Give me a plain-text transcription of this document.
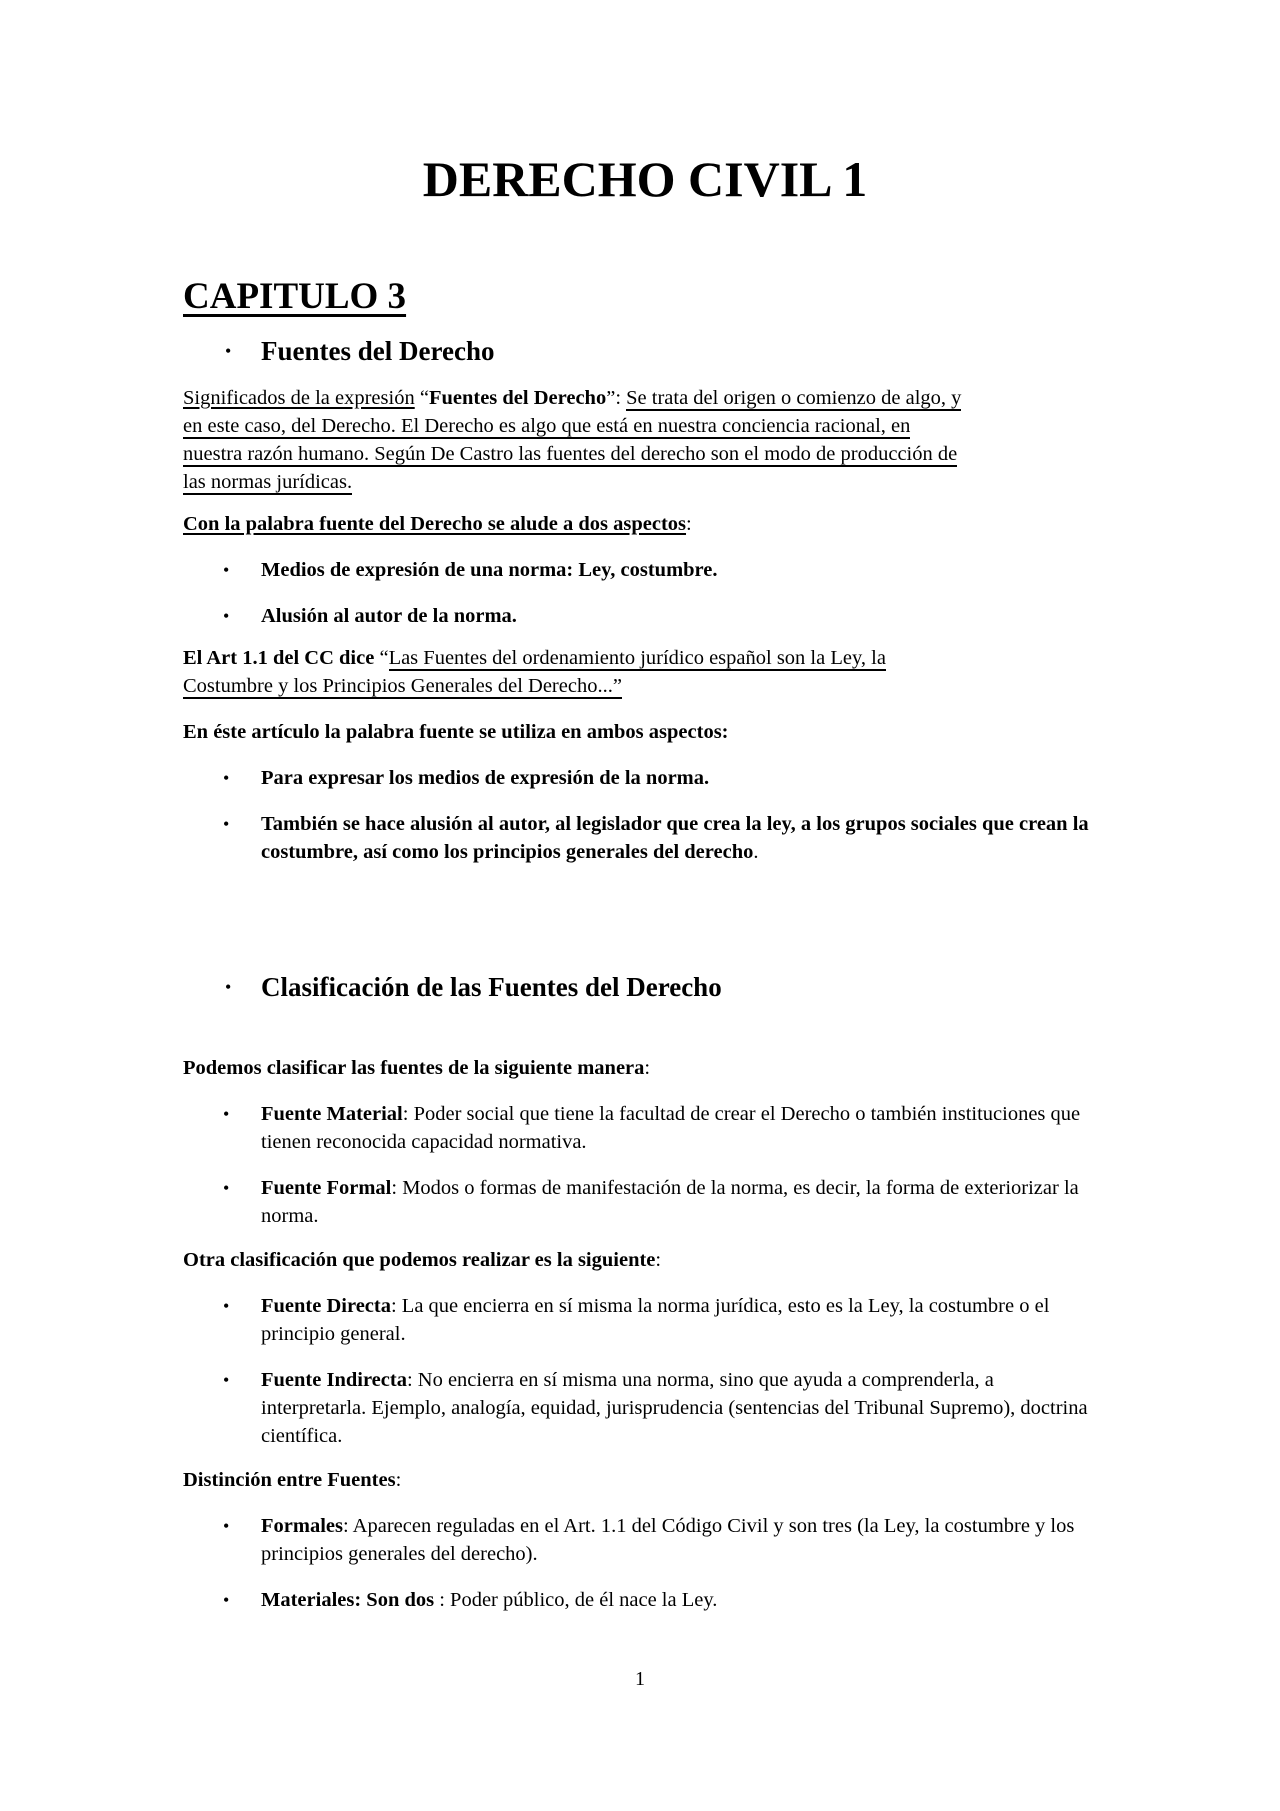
DERECHO CIVIL 1
CAPITULO 3
• Fuentes del Derecho

Significados de la expresión “Fuentes del Derecho”: Se trata del origen o comienzo de algo, y
en este caso, del Derecho. El Derecho es algo que está en nuestra conciencia racional, en
nuestra razón humano. Según De Castro las fuentes del derecho son el modo de producción de
las normas jurídicas.

Con la palabra fuente del Derecho se alude a dos aspectos:

• Medios de expresión de una norma: Ley, costumbre.
• Alusión al autor de la norma.

El Art 1.1 del CC dice “Las Fuentes del ordenamiento jurídico español son la Ley, la
Costumbre y los Principios Generales del Derecho...”

En éste artículo la palabra fuente se utiliza en ambos aspectos:

• Para expresar los medios de expresión de la norma.
• También se hace alusión al autor, al legislador que crea la ley, a los grupos sociales que crean la costumbre, así como los principios generales del derecho.
• Clasificación de las Fuentes del Derecho

Podemos clasificar las fuentes de la siguiente manera:

• Fuente Material: Poder social que tiene la facultad de crear el Derecho o también instituciones que tienen reconocida capacidad normativa.
• Fuente Formal: Modos o formas de manifestación de la norma, es decir, la forma de exteriorizar la norma.

Otra clasificación que podemos realizar es la siguiente:

• Fuente Directa: La que encierra en sí misma la norma jurídica, esto es la Ley, la costumbre o el principio general.
• Fuente Indirecta: No encierra en sí misma una norma, sino que ayuda a comprenderla, a interpretarla. Ejemplo, analogía, equidad, jurisprudencia (sentencias del Tribunal Supremo), doctrina científica.

Distinción entre Fuentes:

• Formales: Aparecen reguladas en el Art. 1.1 del Código Civil y son tres (la Ley, la costumbre y los principios generales del derecho).
• Materiales: Son dos : Poder público, de él nace la Ley.
1
